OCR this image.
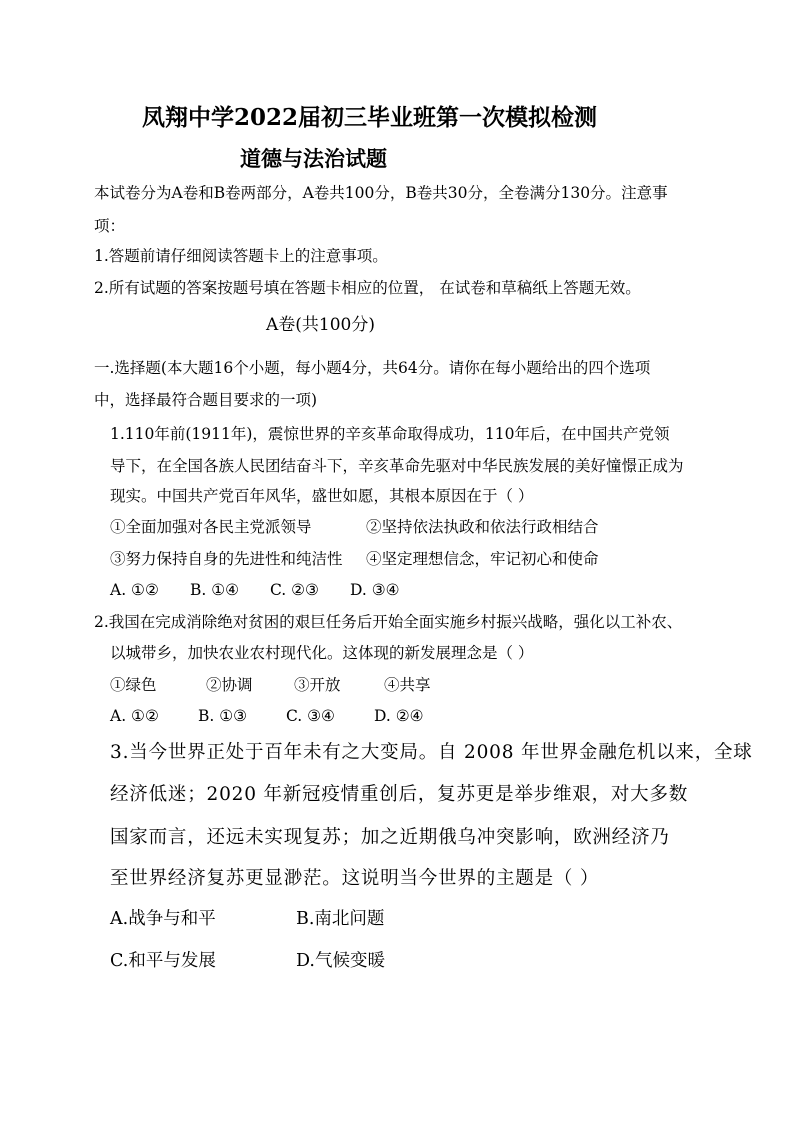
凤翔中学2022届初三毕业班第一次模拟检测
道德与法治试题
本试卷分为A卷和B卷两部分，A卷共100分，B卷共30分，全卷满分130分。注意事
项：
1.答题前请仔细阅读答题卡上的注意事项。
2.所有试题的答案按题号填在答题卡相应的位置， 在试卷和草稿纸上答题无效。
A卷(共100分)
一.选择题(本大题16个小题，每小题4分，共64分。请你在每小题给出的四个选项
中，选择最符合题目要求的一项)
1.110年前(1911年)，震惊世界的辛亥革命取得成功，110年后，在中国共产党领
导下，在全国各族人民团结奋斗下，辛亥革命先驱对中华民族发展的美好憧憬正成为
现实。中国共产党百年风华，盛世如愿，其根本原因在于（ ）
①全面加强对各民主党派领导	②坚持依法执政和依法行政相结合
③努力保持自身的先进性和纯洁性 ④坚定理想信念，牢记初心和使命
A. ①② B. ①④ C. ②③ D. ③④
2.我国在完成消除绝对贫困的艰巨任务后开始全面实施乡村振兴战略，强化以工补农、
以城带乡，加快农业农村现代化。这体现的新发展理念是（ ）
①绿色	②协调	③开放	④共享
A. ①②	B. ①③	C. ③④	D. ②④
3.当今世界正处于百年未有之大变局。自 2008 年世界金融危机以来，全球
经济低迷；2020 年新冠疫情重创后，复苏更是举步维艰，对大多数
国家而言，还远未实现复苏；加之近期俄乌冲突影响，欧洲经济乃
至世界经济复苏更显渺茫。这说明当今世界的主题是（ ）
A.战争与和平	B.南北问题
C.和平与发展	D.气候变暖
